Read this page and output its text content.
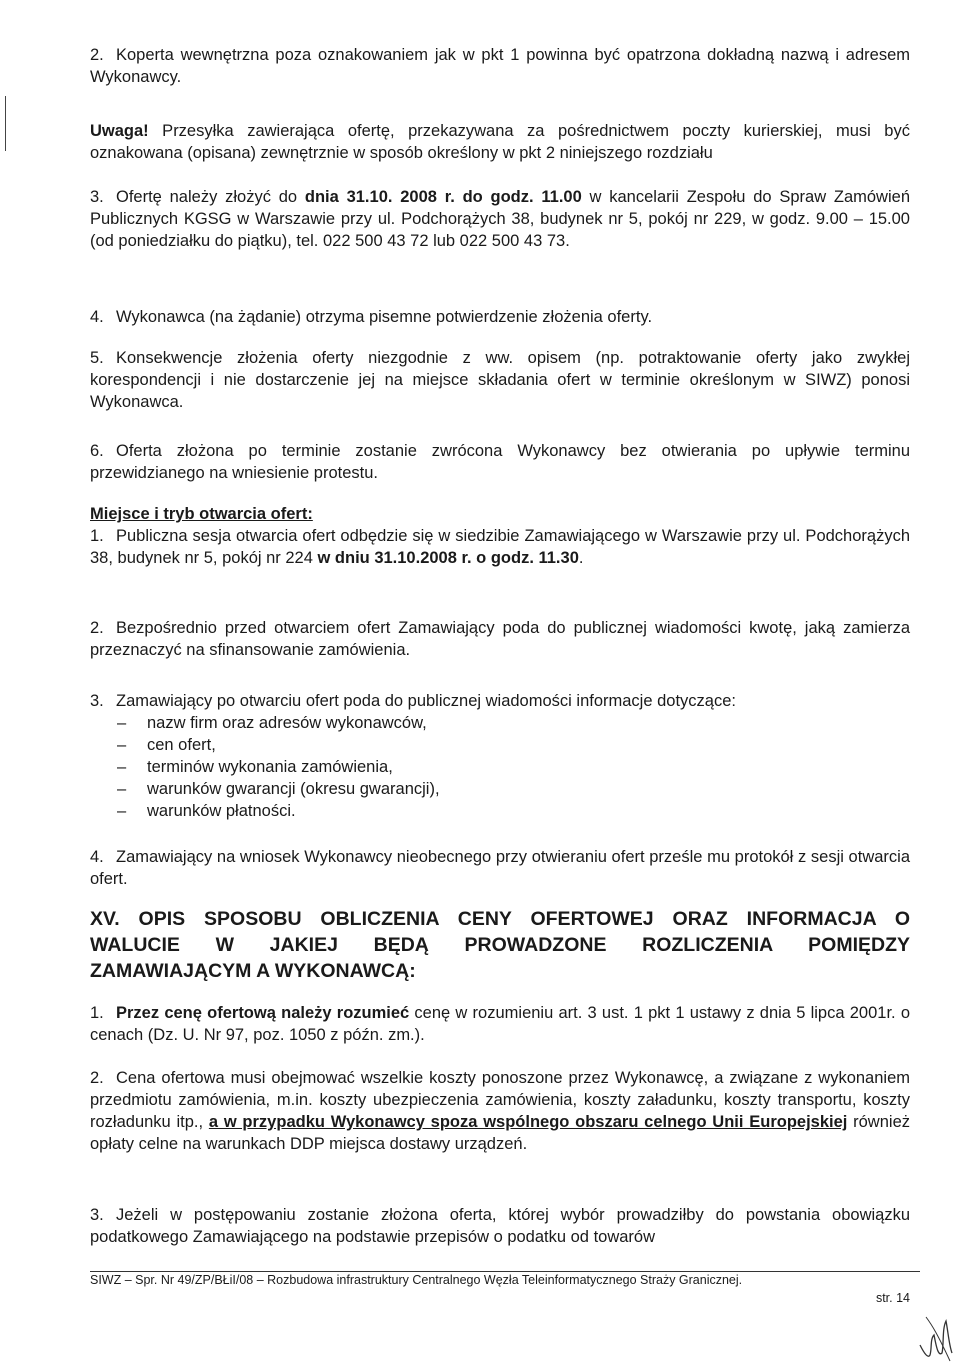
2. Koperta wewnętrzna poza oznakowaniem jak w pkt 1 powinna być opatrzona dokładną nazwą i adresem Wykonawcy.

Uwaga! Przesyłka zawierająca ofertę, przekazywana za pośrednictwem poczty kurierskiej, musi być oznakowana (opisana) zewnętrznie w sposób określony w pkt 2 niniejszego rozdziału

3. Ofertę należy złożyć do dnia 31.10. 2008 r. do godz. 11.00 w kancelarii Zespołu do Spraw Zamówień Publicznych KGSG w Warszawie przy ul. Podchorążych 38, budynek nr 5, pokój nr 229, w godz. 9.00 – 15.00 (od poniedziałku do piątku), tel. 022 500 43 72 lub 022 500 43 73.

4. Wykonawca (na żądanie) otrzyma pisemne potwierdzenie złożenia oferty.

5. Konsekwencje złożenia oferty niezgodnie z ww. opisem (np. potraktowanie oferty jako zwykłej korespondencji i nie dostarczenie jej na miejsce składania ofert w terminie określonym w SIWZ) ponosi Wykonawca.

6. Oferta złożona po terminie zostanie zwrócona Wykonawcy bez otwierania po upływie terminu przewidzianego na wniesienie protestu.

Miejsce i tryb otwarcia ofert:

1. Publiczna sesja otwarcia ofert odbędzie się w siedzibie Zamawiającego w Warszawie przy ul. Podchorążych 38, budynek nr 5, pokój nr 224 w dniu 31.10.2008 r. o godz. 11.30.

2. Bezpośrednio przed otwarciem ofert Zamawiający poda do publicznej wiadomości kwotę, jaką zamierza przeznaczyć na sfinansowanie zamówienia.

3. Zamawiający po otwarciu ofert poda do publicznej wiadomości informacje dotyczące:

– nazw firm oraz adresów wykonawców,
– cen ofert,
– terminów wykonania zamówienia,
– warunków gwarancji (okresu gwarancji),
– warunków płatności.

4. Zamawiający na wniosek Wykonawcy nieobecnego przy otwieraniu ofert prześle mu protokół z sesji otwarcia ofert.

XV. OPIS SPOSOBU OBLICZENIA CENY OFERTOWEJ ORAZ INFORMACJA O
WALUCIE W JAKIEJ BĘDĄ PROWADZONE ROZLICZENIA POMIĘDZY
ZAMAWIAJĄCYM A WYKONAWCĄ:

1. Przez cenę ofertową należy rozumieć cenę w rozumieniu art. 3 ust. 1 pkt 1 ustawy z dnia 5 lipca 2001r. o cenach (Dz. U. Nr 97, poz. 1050 z późn. zm.).

2. Cena ofertowa musi obejmować wszelkie koszty ponoszone przez Wykonawcę, a związane z wykonaniem przedmiotu zamówienia, m.in. koszty ubezpieczenia zamówienia, koszty załadunku, koszty transportu, koszty rozładunku itp., a w przypadku Wykonawcy spoza wspólnego obszaru celnego Unii Europejskiej również opłaty celne na warunkach DDP miejsca dostawy urządzeń.

3. Jeżeli w postępowaniu zostanie złożona oferta, której wybór prowadziłby do powstania obowiązku podatkowego Zamawiającego na podstawie przepisów o podatku od towarów

SIWZ – Spr. Nr 49/ZP/BŁiI/08 – Rozbudowa infrastruktury Centralnego Węzła Teleinformatycznego Straży Granicznej.
str. 14
